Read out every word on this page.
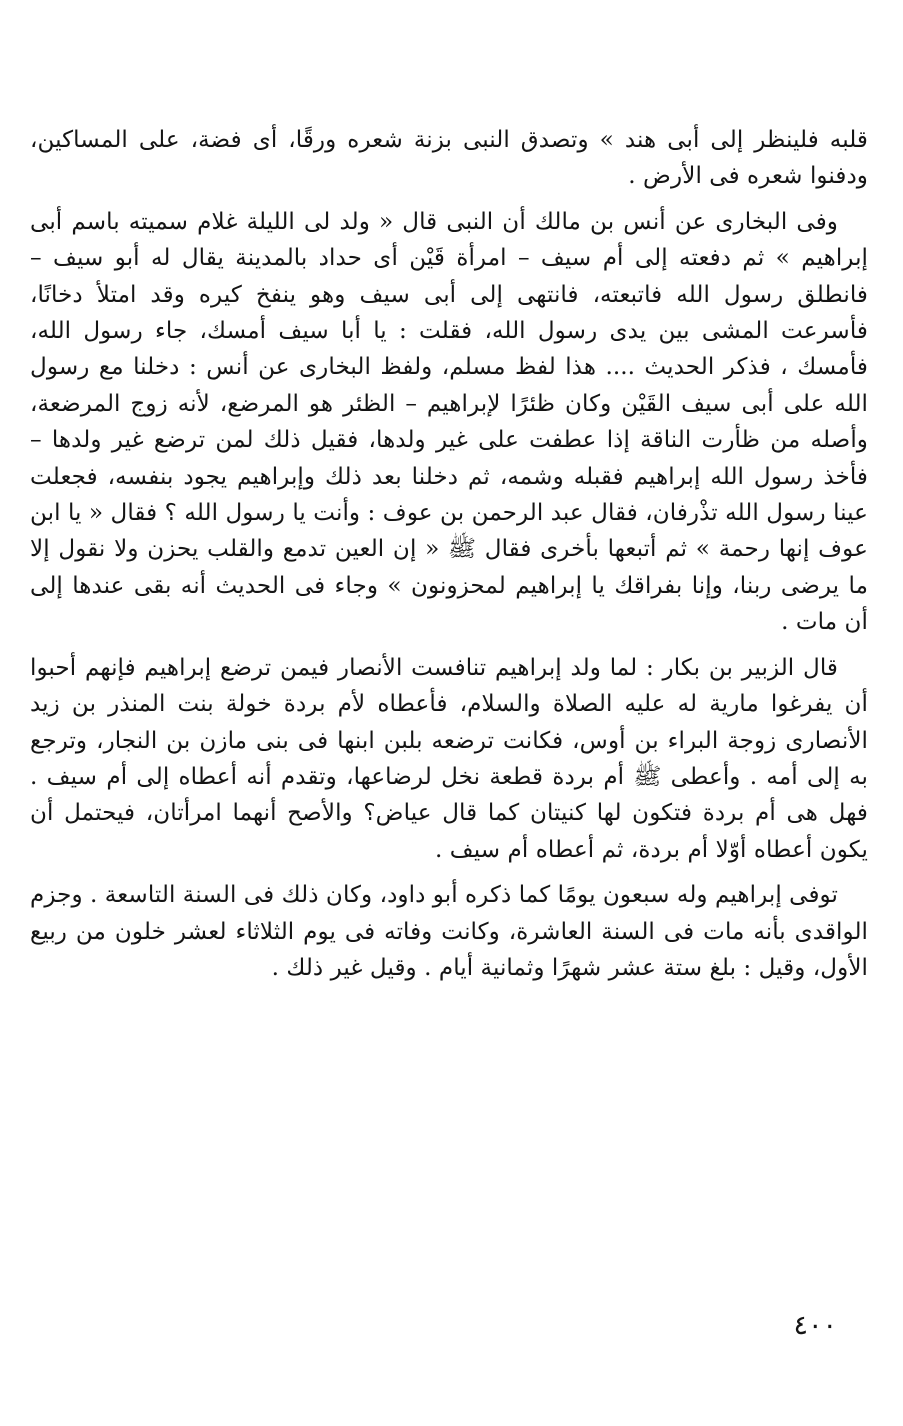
قلبه فلينظر إلى أبى هند » وتصدق النبى بزنة شعره ورقًا، أى فضة، على المساكين، ودفنوا شعره فى الأرض .

وفى البخارى عن أنس بن مالك أن النبى قال « ولد لى الليلة غلام سميته باسم أبى إبراهيم » ثم دفعته إلى أم سيف – امرأة قَيْن أى حداد بالمدينة يقال له أبو سيف – فانطلق رسول الله فاتبعته، فانتهى إلى أبى سيف وهو ينفخ كيره وقد امتلأ دخانًا، فأسرعت المشى بين يدى رسول الله، فقلت : يا أبا سيف أمسك، جاء رسول الله، فأمسك ، فذكر الحديث .... هذا لفظ مسلم، ولفظ البخارى عن أنس : دخلنا مع رسول الله على أبى سيف القَيْن وكان ظئرًا لإبراهيم – الظئر هو المرضع، لأنه زوج المرضعة، وأصله من ظأرت الناقة إذا عطفت على غير ولدها، فقيل ذلك لمن ترضع غير ولدها – فأخذ رسول الله إبراهيم فقبله وشمه، ثم دخلنا بعد ذلك وإبراهيم يجود بنفسه، فجعلت عينا رسول الله تذْرفان، فقال عبد الرحمن بن عوف : وأنت يا رسول الله ؟ فقال « يا ابن عوف إنها رحمة » ثم أتبعها بأخرى فقال ﷺ « إن العين تدمع والقلب يحزن ولا نقول إلا ما يرضى ربنا، وإنا بفراقك يا إبراهيم لمحزونون » وجاء فى الحديث أنه بقى عندها إلى أن مات .

قال الزبير بن بكار : لما ولد إبراهيم تنافست الأنصار فيمن ترضع إبراهيم فإنهم أحبوا أن يفرغوا مارية له عليه الصلاة والسلام، فأعطاه لأم بردة خولة بنت المنذر بن زيد الأنصارى زوجة البراء بن أوس، فكانت ترضعه بلبن ابنها فى بنى مازن بن النجار، وترجع به إلى أمه . وأعطى ﷺ أم بردة قطعة نخل لرضاعها، وتقدم أنه أعطاه إلى أم سيف . فهل هى أم بردة فتكون لها كنيتان كما قال عياض؟ والأصح أنهما امرأتان، فيحتمل أن يكون أعطاه أوّلا أم بردة، ثم أعطاه أم سيف .

توفى إبراهيم وله سبعون يومًا كما ذكره أبو داود، وكان ذلك فى السنة التاسعة . وجزم الواقدى بأنه مات فى السنة العاشرة، وكانت وفاته فى يوم الثلاثاء لعشر خلون من ربيع الأول، وقيل : بلغ ستة عشر شهرًا وثمانية أيام . وقيل غير ذلك .

٤٠٠
